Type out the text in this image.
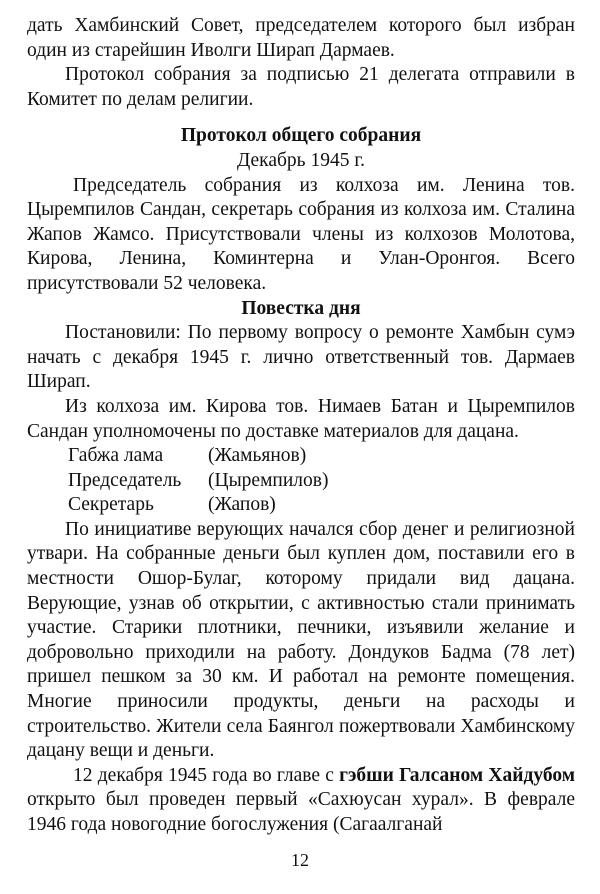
дать Хамбинский Совет, председателем которого был избран один из старейшин Иволги Ширап Дармаев.

Протокол собрания за подписью 21 делегата отправили в Комитет по делам религии.

Протокол общего собрания

Декабрь 1945 г.

Председатель собрания из колхоза им. Ленина тов. Цыремпилов Сандан, секретарь собрания из колхоза им. Сталина Жапов Жамсо. Присутствовали члены из колхозов Молотова, Кирова, Ленина, Коминтерна и Улан-Оронгоя. Всего присутствовали 52 человека.

Повестка дня

Постановили: По первому вопросу о ремонте Хамбын сумэ начать с декабря 1945 г. лично ответственный тов. Дармаев Ширап.

Из колхоза им. Кирова тов. Нимаев Батан и Цыремпилов Сандан уполномочены по доставке материалов для дацана.

Габжа лама	(Жамьянов)
Председатель	(Цыремпилов)
Секретарь	(Жапов)

По инициативе верующих начался сбор денег и религиозной утвари. На собранные деньги был куплен дом, поставили его в местности Ошор-Булаг, которому придали вид дацана. Верующие, узнав об открытии, с активностью стали принимать участие. Старики плотники, печники, изъявили желание и добровольно приходили на работу. Дондуков Бадма (78 лет) пришел пешком за 30 км. И работал на ремонте помещения. Многие приносили продукты, деньги на расходы и строительство. Жители села Баянгол пожертвовали Хамбинскому дацану вещи и деньги.

12 декабря 1945 года во главе с гэбши Галсаном Хайдубом открыто был проведен первый «Сахюусан хурал». В феврале 1946 года новогодние богослужения (Сагаалганай

12
